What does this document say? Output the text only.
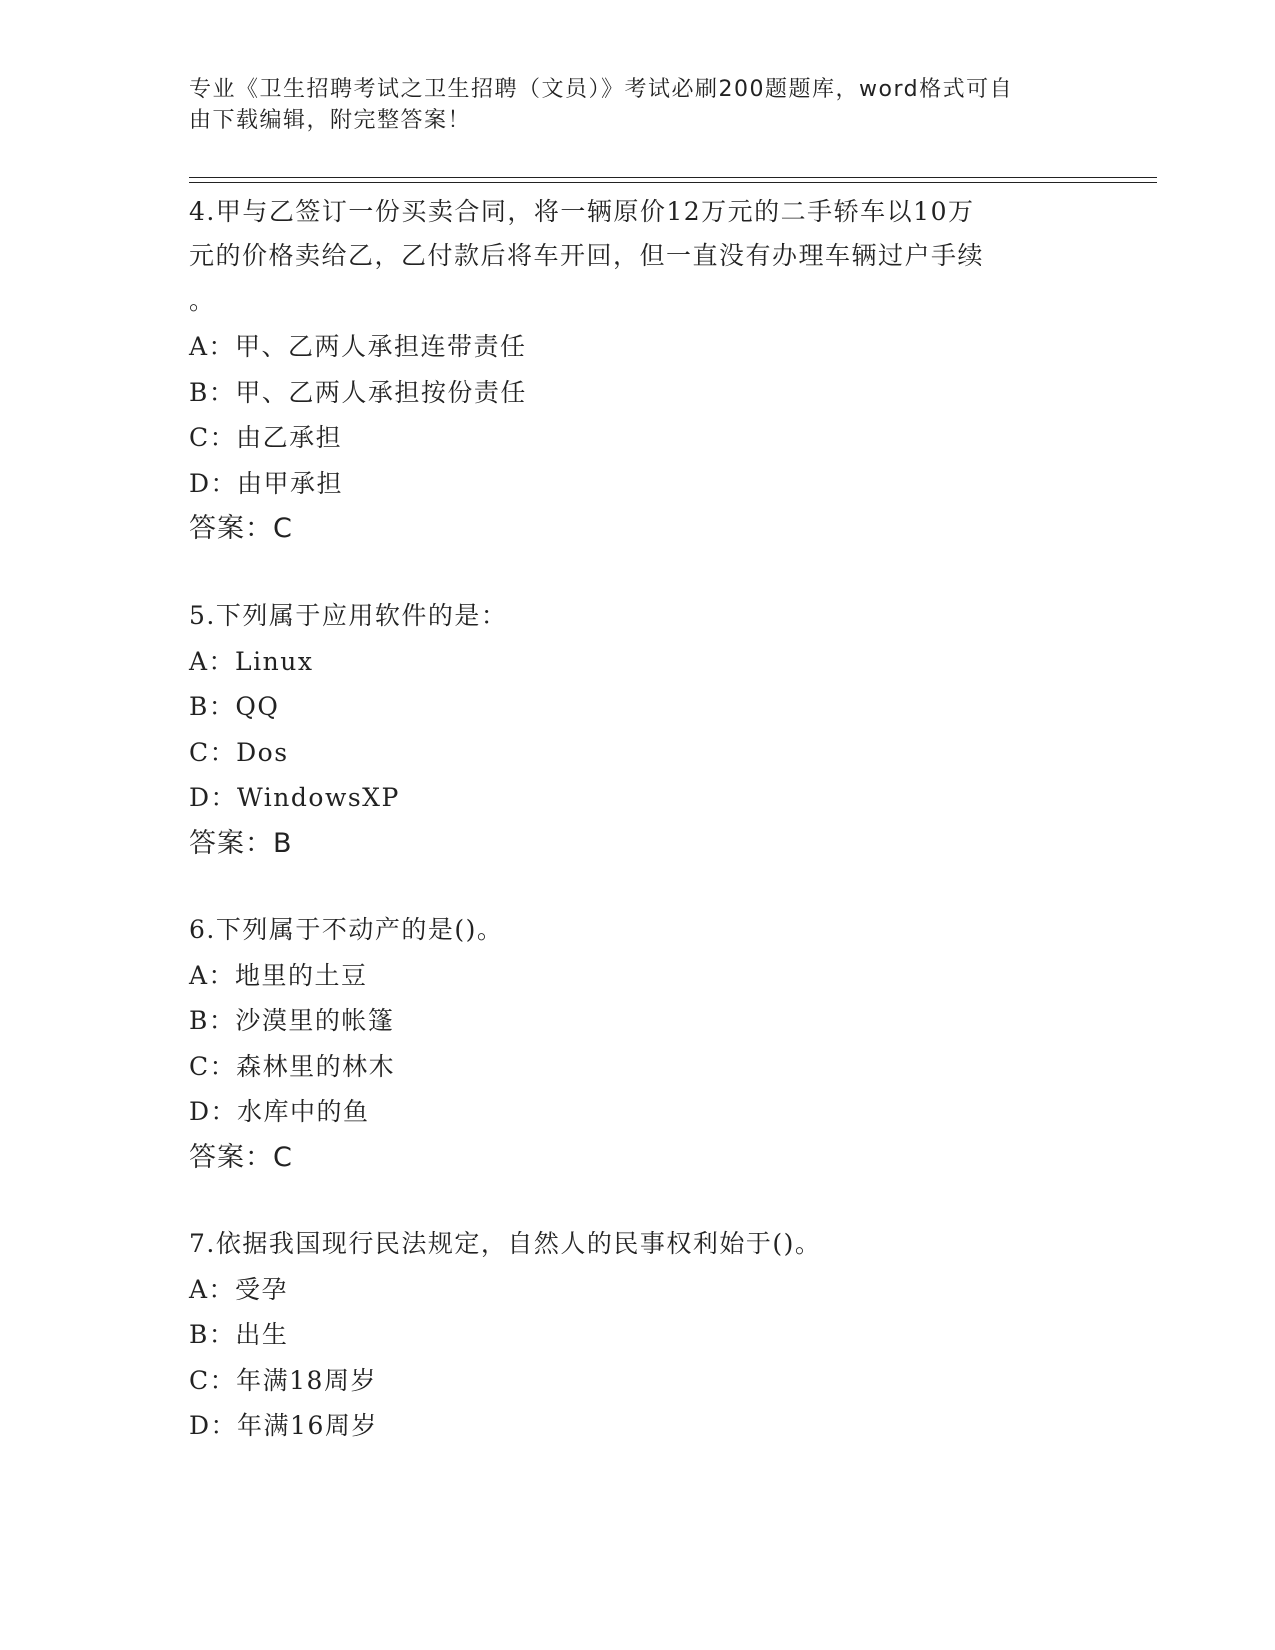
专业《卫生招聘考试之卫生招聘（文员）》考试必刷200题题库，word格式可自

由下载编辑，附完整答案！

4.甲与乙签订一份买卖合同，将一辆原价12万元的二手轿车以10万

元的价格卖给乙，乙付款后将车开回，但一直没有办理车辆过户手续

。

A：甲、乙两人承担连带责任

B：甲、乙两人承担按份责任

C：由乙承担

D：由甲承担

答案：C

5.下列属于应用软件的是：

A：Linux

B：QQ

C：Dos

D：WindowsXP

答案：B

6.下列属于不动产的是()。

A：地里的土豆

B：沙漠里的帐篷

C：森林里的林木

D：水库中的鱼

答案：C

7.依据我国现行民法规定，自然人的民事权利始于()。

A：受孕

B：出生

C：年满18周岁

D：年满16周岁
